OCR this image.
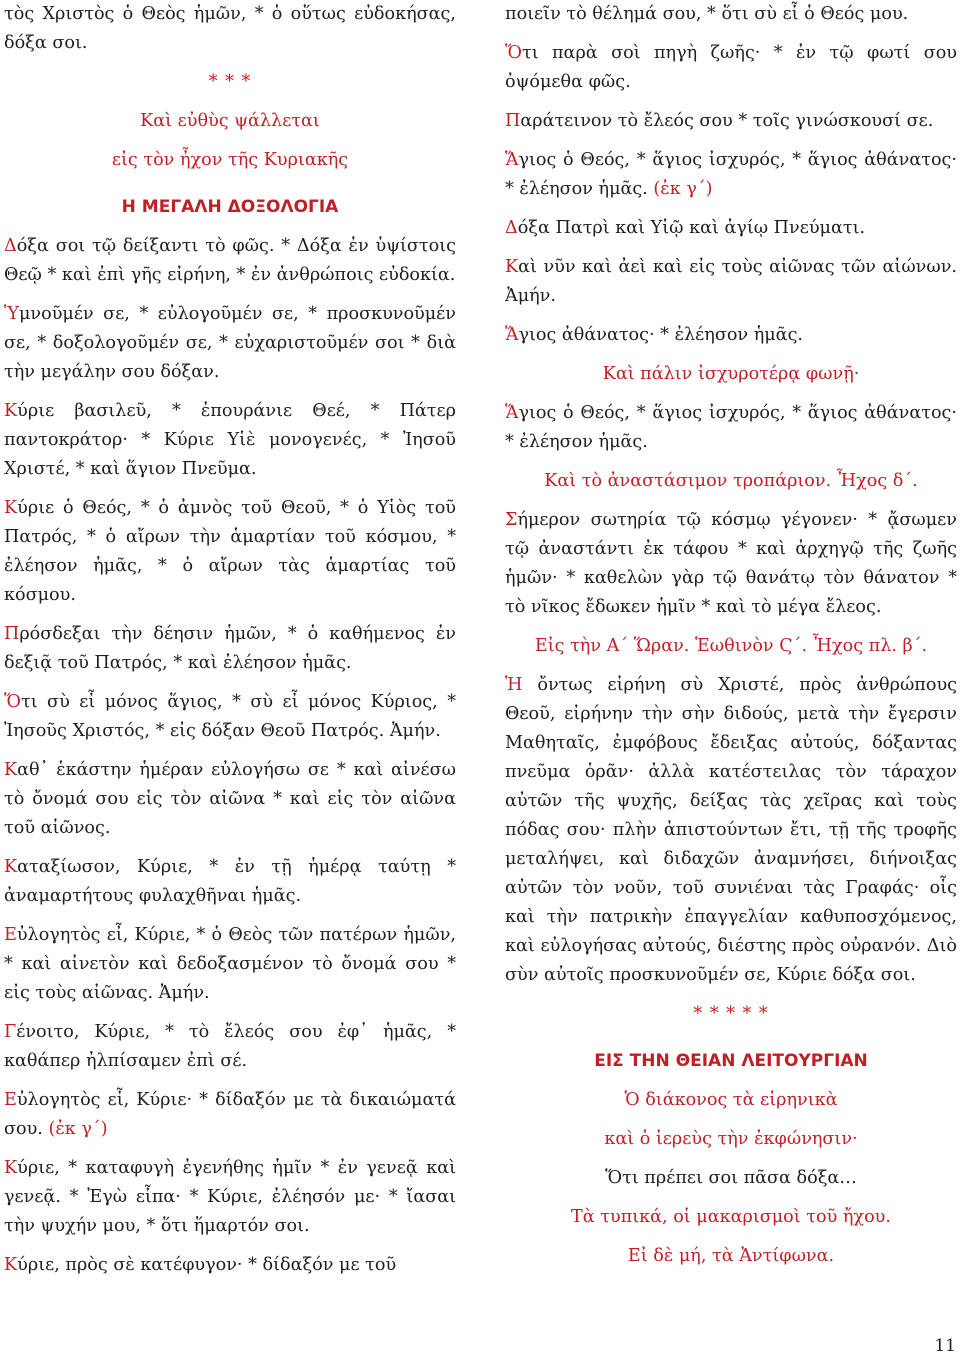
τὸς Χριστὸς ὁ Θεὸς ἡμῶν, * ὁ οὕτως εὐδοκήσας, δόξα σοι.

* * *

Καὶ εὐθὺς ψάλλεται

εἰς τὸν ἦχον τῆς Κυριακῆς

Η ΜΕΓΑΛΗ ΔΟΞΟΛΟΓΙΑ

Δόξα σοι τῷ δείξαντι τὸ φῶς. * Δόξα ἐν ὑψίστοις Θεῷ * καὶ ἐπὶ γῆς εἰρήνη, * ἐν ἀνθρώποις εὐδοκία.

Ὑμνοῦμέν σε, * εὐλογοῦμέν σε, * προσκυνοῦμέν σε, * δοξολογοῦμέν σε, * εὐχαριστοῦμέν σοι * διὰ τὴν μεγάλην σου δόξαν.

Κύριε βασιλεῦ, * ἐπουράνιε Θεέ, * Πάτερ παντοκράτορ· * Κύριε Υἱὲ μονογενές, * Ἰησοῦ Χριστέ, * καὶ ἅγιον Πνεῦμα.

Κύριε ὁ Θεός, * ὁ ἀμνὸς τοῦ Θεοῦ, * ὁ Υἱὸς τοῦ Πατρός, * ὁ αἴρων τὴν ἁμαρτίαν τοῦ κόσμου, * ἐλέησον ἡμᾶς, * ὁ αἴρων τὰς ἁμαρτίας τοῦ κόσμου.

Πρόσδεξαι τὴν δέησιν ἡμῶν, * ὁ καθήμενος ἐν δεξιᾷ τοῦ Πατρός, * καὶ ἐλέησον ἡμᾶς.

Ὅτι σὺ εἶ μόνος ἅγιος, * σὺ εἶ μόνος Κύριος, * Ἰησοῦς Χριστός, * εἰς δόξαν Θεοῦ Πατρός. Ἀμήν.

Καθ᾽ ἑκάστην ἡμέραν εὐλογήσω σε * καὶ αἰνέσω τὸ ὄνομά σου εἰς τὸν αἰῶνα * καὶ εἰς τὸν αἰῶνα τοῦ αἰῶνος.

Καταξίωσον, Κύριε, * ἐν τῇ ἡμέρᾳ ταύτῃ * ἀναμαρτήτους φυλαχθῆναι ἡμᾶς.

Εὐλογητὸς εἶ, Κύριε, * ὁ Θεὸς τῶν πατέρων ἡμῶν, * καὶ αἰνετὸν καὶ δεδοξασμένον τὸ ὄνομά σου * εἰς τοὺς αἰῶνας. Ἀμήν.

Γένοιτο, Κύριε, * τὸ ἔλεός σου ἐφ᾽ ἡμᾶς, * καθάπερ ἠλπίσαμεν ἐπὶ σέ.

Εὐλογητὸς εἶ, Κύριε· * δίδαξόν με τὰ δικαιώματά σου. (ἐκ γ´)

Κύριε, * καταφυγὴ ἐγενήθης ἡμῖν * ἐν γενεᾷ καὶ γενεᾷ. * Ἐγὼ εἶπα· * Κύριε, ἐλέησόν με· * ἴασαι τὴν ψυχήν μου, * ὅτι ἥμαρτόν σοι.

Κύριε, πρὸς σὲ κατέφυγον· * δίδαξόν με τοῦ

ποιεῖν τὸ θέλημά σου, * ὅτι σὺ εἶ ὁ Θεός μου.

Ὅτι παρὰ σοὶ πηγὴ ζωῆς· * ἐν τῷ φωτί σου ὀψόμεθα φῶς.

Παράτεινον τὸ ἔλεός σου * τοῖς γινώσκουσί σε.

Ἅγιος ὁ Θεός, * ἅγιος ἰσχυρός, * ἅγιος ἀθάνατος· * ἐλέησον ἡμᾶς. (ἐκ γ´)

Δόξα Πατρὶ καὶ Υἱῷ καὶ ἁγίῳ Πνεύματι.

Καὶ νῦν καὶ ἀεὶ καὶ εἰς τοὺς αἰῶνας τῶν αἰώνων. Ἀμήν.

Ἅγιος ἀθάνατος· * ἐλέησον ἡμᾶς.

Καὶ πάλιν ἰσχυροτέρᾳ φωνῇ·

Ἅγιος ὁ Θεός, * ἅγιος ἰσχυρός, * ἅγιος ἀθάνατος· * ἐλέησον ἡμᾶς.

Καὶ τὸ ἀναστάσιμον τροπάριον. Ἦχος δ´.

Σήμερον σωτηρία τῷ κόσμῳ γέγονεν· * ᾄσωμεν τῷ ἀναστάντι ἐκ τάφου * καὶ ἀρχηγῷ τῆς ζωῆς ἡμῶν· * καθελὼν γὰρ τῷ θανάτῳ τὸν θάνατον * τὸ νῖκος ἔδωκεν ἡμῖν * καὶ τὸ μέγα ἔλεος.

Εἰς τὴν Α´ Ὥραν. Ἑωθινὸν Ϛ´. Ἦχος πλ. β´.

Ἡ ὄντως εἰρήνη σὺ Χριστέ, πρὸς ἀνθρώπους Θεοῦ, εἰρήνην τὴν σὴν διδούς, μετὰ τὴν ἔγερσιν Μαθηταῖς, ἐμφόβους ἔδειξας αὐτούς, δόξαντας πνεῦμα ὁρᾶν· ἀλλὰ κατέστειλας τὸν τάραχον αὐτῶν τῆς ψυχῆς, δείξας τὰς χεῖρας καὶ τοὺς πόδας σου· πλὴν ἀπιστούντων ἔτι, τῇ τῆς τροφῆς μεταλήψει, καὶ διδαχῶν ἀναμνήσει, διήνοιξας αὐτῶν τὸν νοῦν, τοῦ συνιέναι τὰς Γραφάς· οἷς καὶ τὴν πατρικὴν ἐπαγγελίαν καθυποσχόμενος, καὶ εὐλογήσας αὐτούς, διέστης πρὸς οὐρανόν. Διὸ σὺν αὐτοῖς προσκυνοῦμέν σε, Κύριε δόξα σοι.

* * * * *
ΕΙΣ ΤΗΝ ΘΕΙΑΝ ΛΕΙΤΟΥΡΓΙΑΝ

Ὁ διάκονος τὰ εἰρηνικὰ

καὶ ὁ ἱερεὺς τὴν ἐκφώνησιν·

Ὅτι πρέπει σοι πᾶσα δόξα…

Τὰ τυπικά, οἱ μακαρισμοὶ τοῦ ἤχου.

Εἰ δὲ μή, τὰ Ἀντίφωνα.

11
